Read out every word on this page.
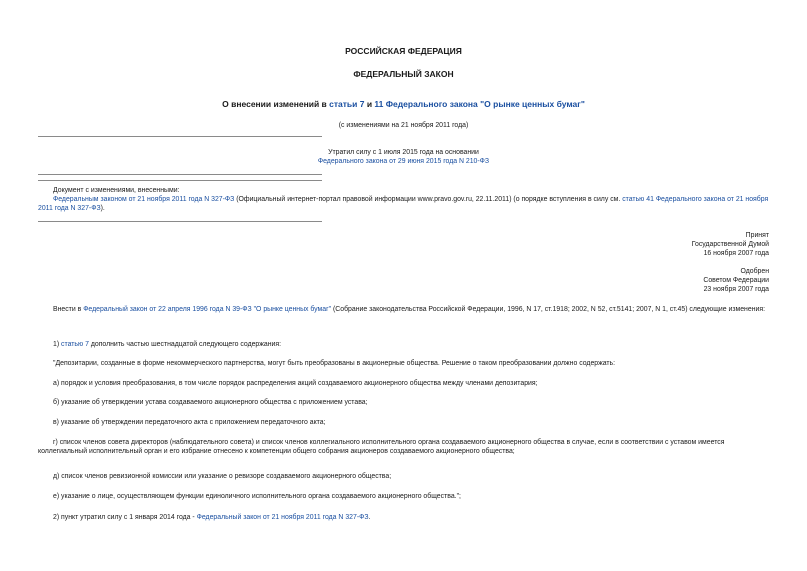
РОССИЙСКАЯ ФЕДЕРАЦИЯ
ФЕДЕРАЛЬНЫЙ ЗАКОН
О внесении изменений в статьи 7 и 11 Федерального закона "О рынке ценных бумаг"
(с изменениями на 21 ноября 2011 года)
Утратил силу с 1 июля 2015 года на основании
Федерального закона от 29 июня 2015 года N 210-ФЗ
Документ с изменениями, внесенными:
Федеральным законом от 21 ноября 2011 года N 327-ФЗ (Официальный интернет-портал правовой информации www.pravo.gov.ru, 22.11.2011) (о порядке вступления в силу см. статью 41 Федерального закона от 21 ноября 2011 года N 327-ФЗ).
Принят
Государственной Думой
16 ноября 2007 года
Одобрен
Советом Федерации
23 ноября 2007 года
Внести в Федеральный закон от 22 апреля 1996 года N 39-ФЗ "О рынке ценных бумаг" (Собрание законодательства Российской Федерации, 1996, N 17, ст.1918; 2002, N 52, ст.5141; 2007, N 1, ст.45) следующие изменения:
1) статью 7 дополнить частью шестнадцатой следующего содержания:
"Депозитарии, созданные в форме некоммерческого партнерства, могут быть преобразованы в акционерные общества. Решение о таком преобразовании должно содержать:
а) порядок и условия преобразования, в том числе порядок распределения акций создаваемого акционерного общества между членами депозитария;
б) указание об утверждении устава создаваемого акционерного общества с приложением устава;
в) указание об утверждении передаточного акта с приложением передаточного акта;
г) список членов совета директоров (наблюдательного совета) и список членов коллегиального исполнительного органа создаваемого акционерного общества в случае, если в соответствии с уставом имеется коллегиальный исполнительный орган и его избрание отнесено к компетенции общего собрания акционеров создаваемого акционерного общества;
д) список членов ревизионной комиссии или указание о ревизоре создаваемого акционерного общества;
е) указание о лице, осуществляющем функции единоличного исполнительного органа создаваемого акционерного общества.";
2) пункт утратил силу с 1 января 2014 года - Федеральный закон от 21 ноября 2011 года N 327-ФЗ.
